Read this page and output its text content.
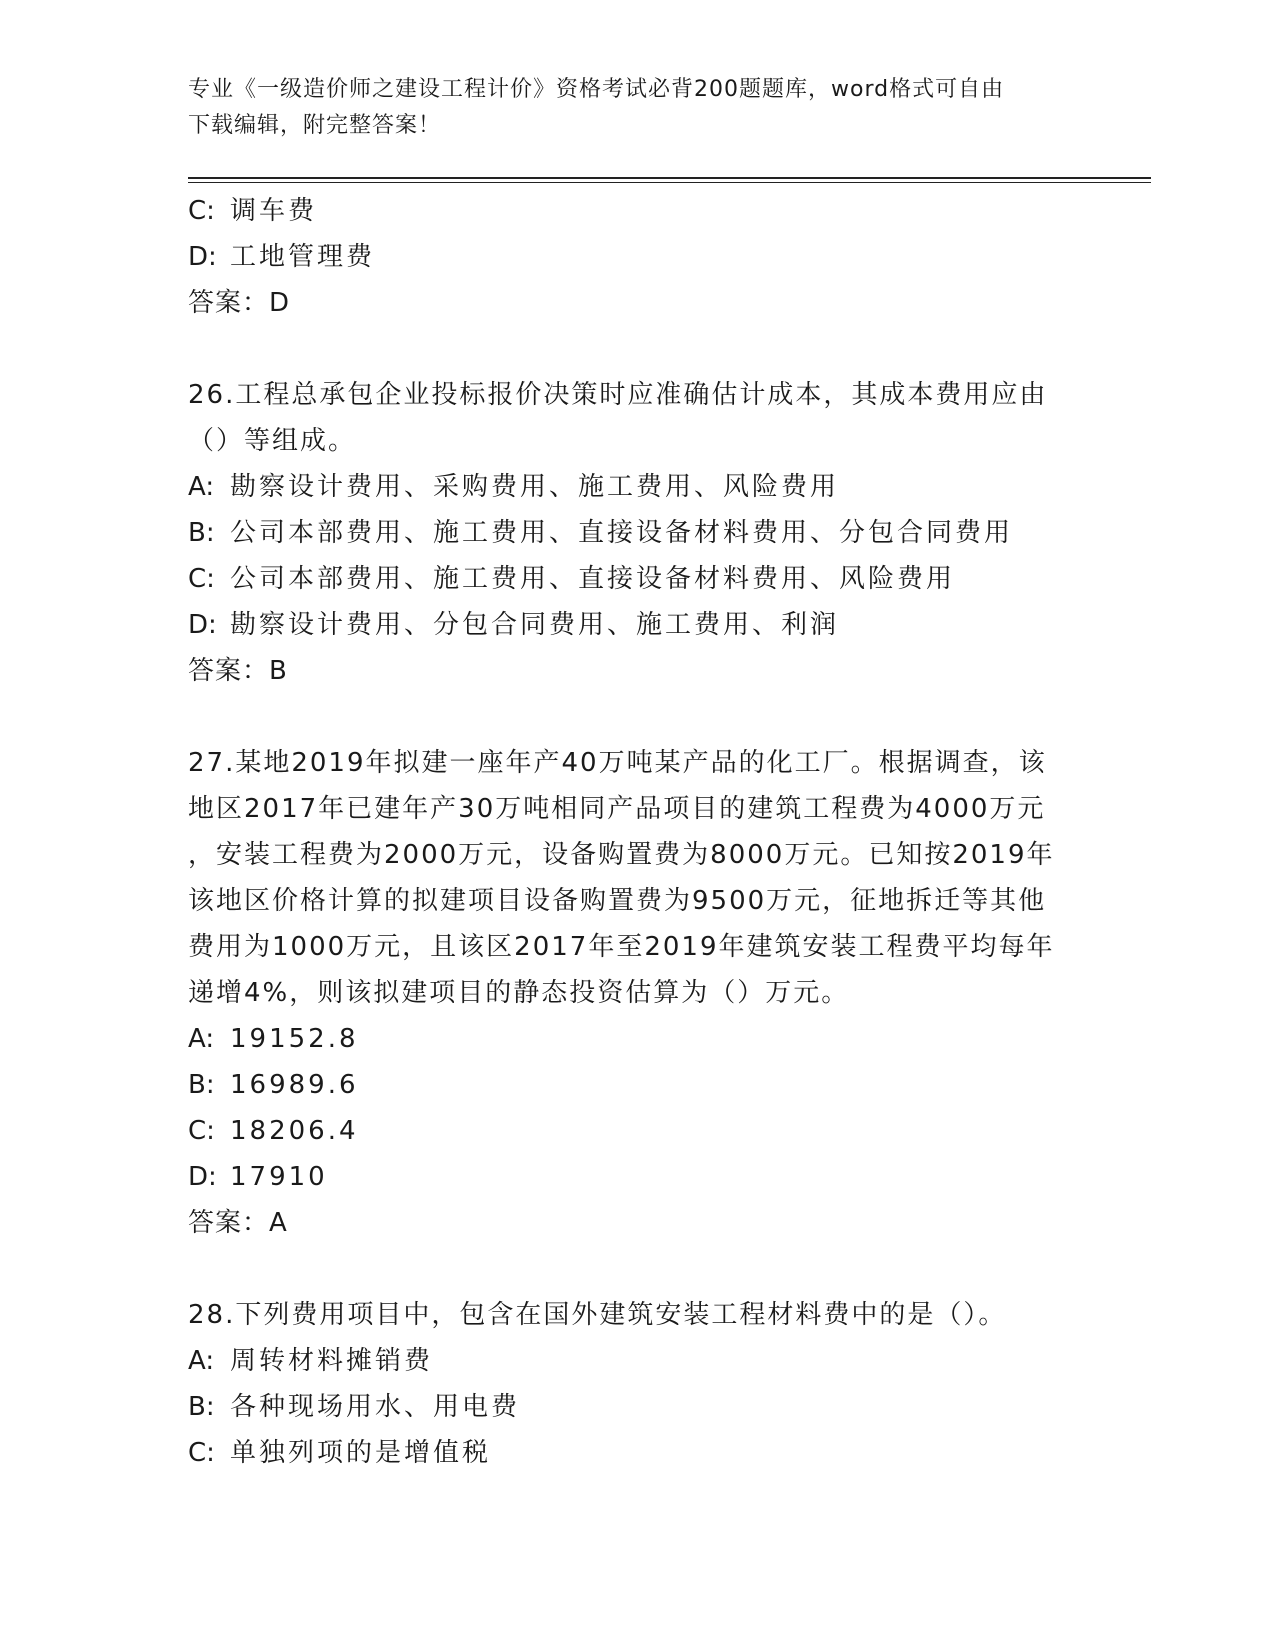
专业《一级造价师之建设工程计价》资格考试必背200题题库，word格式可自由
下载编辑，附完整答案！
C: 调车费
D: 工地管理费
答案：D
26.工程总承包企业投标报价决策时应准确估计成本，其成本费用应由
（）等组成。
A: 勘察设计费用、采购费用、施工费用、风险费用
B: 公司本部费用、施工费用、直接设备材料费用、分包合同费用
C: 公司本部费用、施工费用、直接设备材料费用、风险费用
D: 勘察设计费用、分包合同费用、施工费用、利润
答案：B
27.某地2019年拟建一座年产40万吨某产品的化工厂。根据调查，该
地区2017年已建年产30万吨相同产品项目的建筑工程费为4000万元
，安装工程费为2000万元，设备购置费为8000万元。已知按2019年
该地区价格计算的拟建项目设备购置费为9500万元，征地拆迁等其他
费用为1000万元，且该区2017年至2019年建筑安装工程费平均每年
递增4%，则该拟建项目的静态投资估算为（）万元。
A: 19152.8
B: 16989.6
C: 18206.4
D: 17910
答案：A
28.下列费用项目中，包含在国外建筑安装工程材料费中的是（）。
A: 周转材料摊销费
B: 各种现场用水、用电费
C: 单独列项的是增值税
